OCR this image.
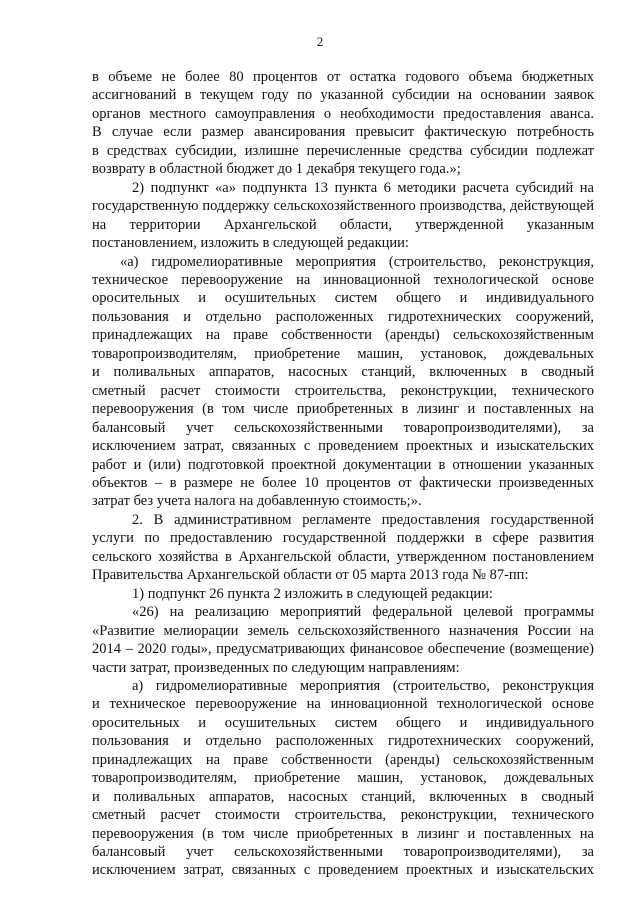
2

в объеме не более 80 процентов от остатка годового объема бюджетных

ассигнований в текущем году по указанной субсидии на основании заявок

органов местного самоуправления о необходимости предоставления аванса.

В случае если размер авансирования превысит фактическую потребность

в средствах субсидии, излишне перечисленные средства субсидии подлежат

возврату в областной бюджет до 1 декабря текущего года.»;

2) подпункт «а» подпункта 13 пункта 6 методики расчета субсидий на

государственную поддержку сельскохозяйственного производства, действующей

на территории Архангельской области, утвержденной указанным

постановлением, изложить в следующей редакции:

«а) гидромелиоративные мероприятия (строительство, реконструкция,

техническое перевооружение на инновационной технологической основе

оросительных и осушительных систем общего и индивидуального

пользования и отдельно расположенных гидротехнических сооружений,

принадлежащих на праве собственности (аренды) сельскохозяйственным

товаропроизводителям, приобретение машин, установок, дождевальных

и поливальных аппаратов, насосных станций, включенных в сводный

сметный расчет стоимости строительства, реконструкции, технического

перевооружения (в том числе приобретенных в лизинг и поставленных на

балансовый учет сельскохозяйственными товаропроизводителями), за

исключением затрат, связанных с проведением проектных и изыскательских

работ и (или) подготовкой проектной документации в отношении указанных

объектов – в размере не более 10 процентов от фактически произведенных

затрат без учета налога на добавленную стоимость;».

2. В административном регламенте предоставления государственной

услуги по предоставлению государственной поддержки в сфере развития

сельского хозяйства в Архангельской области, утвержденном постановлением

Правительства Архангельской области от 05 марта 2013 года № 87-пп:

1) подпункт 26 пункта 2 изложить в следующей редакции:

«26) на реализацию мероприятий федеральной целевой программы

«Развитие мелиорации земель сельскохозяйственного назначения России на

2014 – 2020 годы», предусматривающих финансовое обеспечение (возмещение)

части затрат, произведенных по следующим направлениям:

а) гидромелиоративные мероприятия (строительство, реконструкция

и техническое перевооружение на инновационной технологической основе

оросительных и осушительных систем общего и индивидуального

пользования и отдельно расположенных гидротехнических сооружений,

принадлежащих на праве собственности (аренды) сельскохозяйственным

товаропроизводителям, приобретение машин, установок, дождевальных

и поливальных аппаратов, насосных станций, включенных в сводный

сметный расчет стоимости строительства, реконструкции, технического

перевооружения (в том числе приобретенных в лизинг и поставленных на

балансовый учет сельскохозяйственными товаропроизводителями), за

исключением затрат, связанных с проведением проектных и изыскательских
